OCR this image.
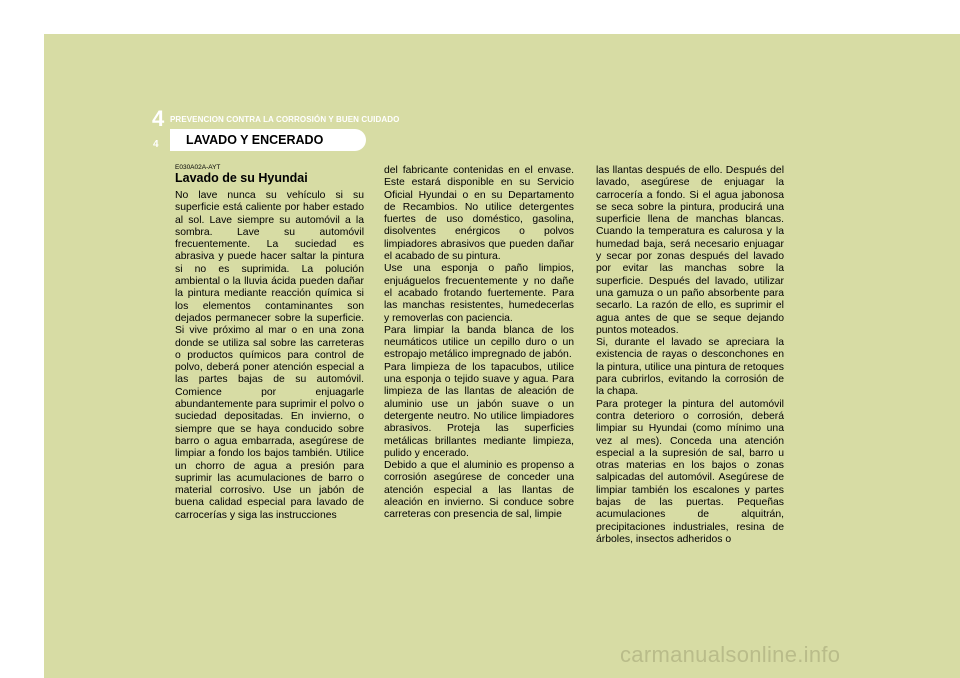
4 PREVENCION CONTRA LA CORROSIÓN Y BUEN CUIDADO
4 LAVADO Y ENCERADO
E030A02A-AYT
Lavado de su Hyundai
No lave nunca su vehículo si su superficie está caliente por haber estado al sol. Lave siempre su automóvil a la sombra. Lave su automóvil frecuentemente. La suciedad es abrasiva y puede hacer saltar la pintura si no es suprimida. La polución ambiental o la lluvia ácida pueden dañar la pintura mediante reacción química si los elementos contaminantes son dejados permanecer sobre la superficie. Si vive próximo al mar o en una zona donde se utiliza sal sobre las carreteras o productos químicos para control de polvo, deberá poner atención especial a las partes bajas de su automóvil. Comience por enjuagarle abundantemente para suprimir el polvo o suciedad depositadas. En invierno, o siempre que se haya conducido sobre barro o agua embarrada, asegúrese de limpiar a fondo los bajos también. Utilice un chorro de agua a presión para suprimir las acumulaciones de barro o material corrosivo. Use un jabón de buena calidad especial para lavado de carrocerías y siga las instrucciones
del fabricante contenidas en el envase. Este estará disponible en su Servicio Oficial Hyundai o en su Departamento de Recambios. No utilice detergentes fuertes de uso doméstico, gasolina, disolventes enérgicos o polvos limpiadores abrasivos que pueden dañar el acabado de su pintura.
Use una esponja o paño limpios, enjuáguelos frecuentemente y no dañe el acabado frotando fuertemente. Para las manchas resistentes, humedecerlas y removerlas con paciencia.
Para limpiar la banda blanca de los neumáticos utilice un cepillo duro o un estropajo metálico impregnado de jabón.
Para limpieza de los tapacubos, utilice una esponja o tejido suave y agua. Para limpieza de las llantas de aleación de aluminio use un jabón suave o un detergente neutro. No utilice limpiadores abrasivos. Proteja las superficies metálicas brillantes mediante limpieza, pulido y encerado.
Debido a que el aluminio es propenso a corrosión asegúrese de conceder una atención especial a las llantas de aleación en invierno. Si conduce sobre carreteras con presencia de sal, limpie
las llantas después de ello. Después del lavado, asegúrese de enjuagar la carrocería a fondo. Si el agua jabonosa se seca sobre la pintura, producirá una superficie llena de manchas blancas. Cuando la temperatura es calurosa y la humedad baja, será necesario enjuagar y secar por zonas después del lavado por evitar las manchas sobre la superficie. Después del lavado, utilizar una gamuza o un paño absorbente para secarlo. La razón de ello, es suprimir el agua antes de que se seque dejando puntos moteados.
Si, durante el lavado se apreciara la existencia de rayas o desconchones en la pintura, utilice una pintura de retoques para cubrirlos, evitando la corrosión de la chapa.
Para proteger la pintura del automóvil contra deterioro o corrosión, deberá limpiar su Hyundai (como mínimo una vez al mes). Conceda una atención especial a la supresión de sal, barro u otras materias en los bajos o zonas salpicadas del automóvil. Asegúrese de limpiar también los escalones y partes bajas de las puertas. Pequeñas acumulaciones de alquitrán, precipitaciones industriales, resina de árboles, insectos adheridos o
carmanualsonline.info
